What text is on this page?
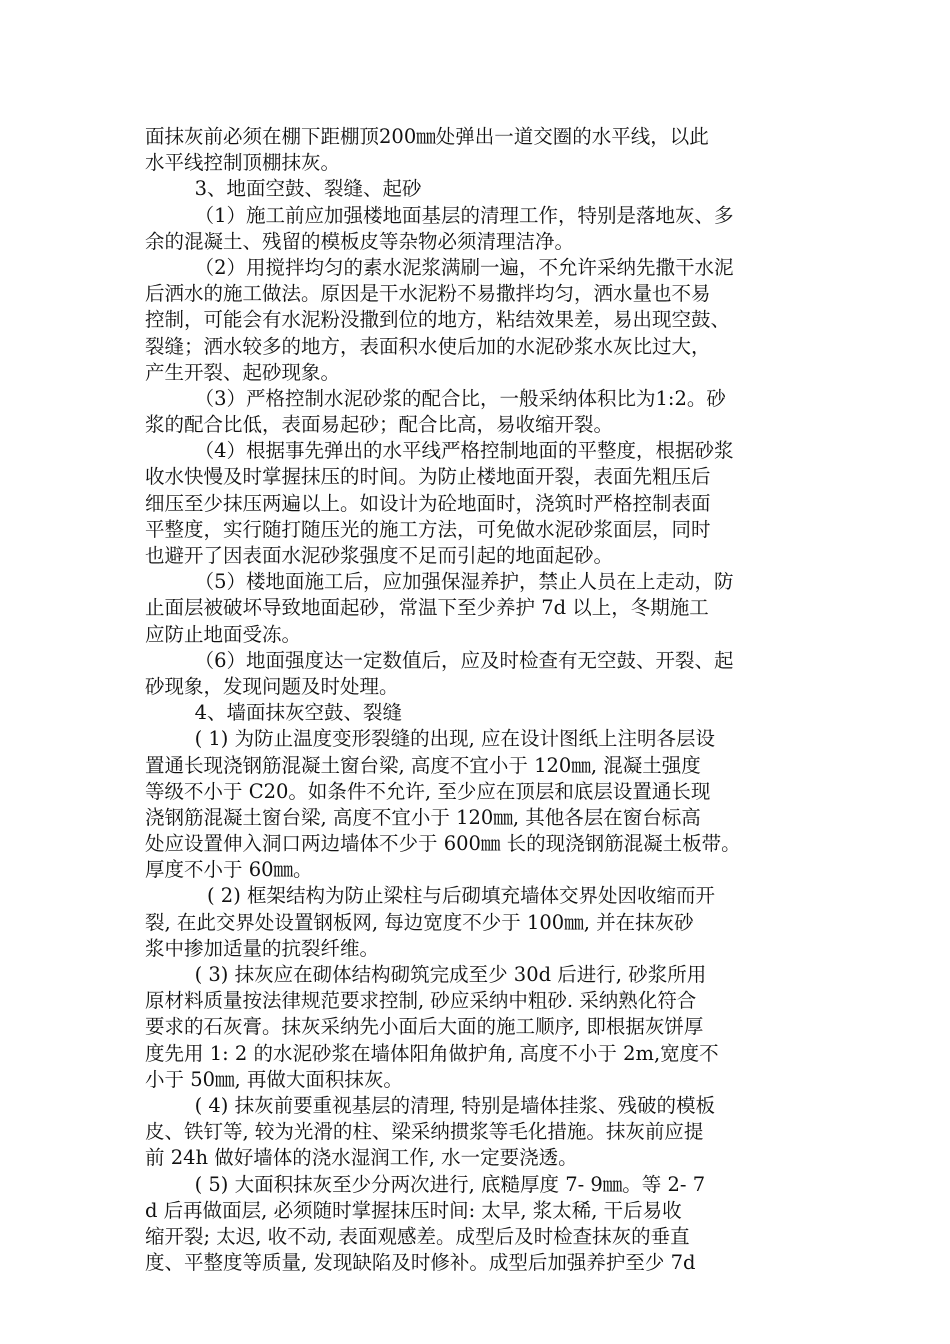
面抹灰前必须在棚下距棚顶200㎜处弹出一道交圈的水平线，以此
水平线控制顶棚抹灰。
3、地面空鼓、裂缝、起砂
（1）施工前应加强楼地面基层的清理工作，特别是落地灰、多
余的混凝土、残留的模板皮等杂物必须清理洁净。
（2）用搅拌均匀的素水泥浆满刷一遍，不允许采纳先撒干水泥
后洒水的施工做法。原因是干水泥粉不易撒拌均匀，洒水量也不易
控制，可能会有水泥粉没撒到位的地方，粘结效果差，易出现空鼓、
裂缝；洒水较多的地方，表面积水使后加的水泥砂浆水灰比过大，
产生开裂、起砂现象。
（3）严格控制水泥砂浆的配合比，一般采纳体积比为1:2。砂
浆的配合比低，表面易起砂；配合比高，易收缩开裂。
（4）根据事先弹出的水平线严格控制地面的平整度，根据砂浆
收水快慢及时掌握抹压的时间。为防止楼地面开裂，表面先粗压后
细压至少抹压两遍以上。如设计为砼地面时，浇筑时严格控制表面
平整度，实行随打随压光的施工方法，可免做水泥砂浆面层，同时
也避开了因表面水泥砂浆强度不足而引起的地面起砂。
（5）楼地面施工后，应加强保湿养护，禁止人员在上走动，防
止面层被破坏导致地面起砂，常温下至少养护 7d 以上，冬期施工
应防止地面受冻。
（6）地面强度达一定数值后，应及时检查有无空鼓、开裂、起
砂现象，发现问题及时处理。
4、墙面抹灰空鼓、裂缝
( 1) 为防止温度变形裂缝的出现, 应在设计图纸上注明各层设
置通长现浇钢筋混凝土窗台梁, 高度不宜小于 120㎜, 混凝土强度
等级不小于 C20。如条件不允许, 至少应在顶层和底层设置通长现
浇钢筋混凝土窗台梁, 高度不宜小于 120㎜, 其他各层在窗台标高
处应设置伸入洞口两边墙体不少于 600㎜ 长的现浇钢筋混凝土板带。
厚度不小于 60㎜。
( 2) 框架结构为防止梁柱与后砌填充墙体交界处因收缩而开
裂, 在此交界处设置钢板网, 每边宽度不少于 100㎜, 并在抹灰砂
浆中掺加适量的抗裂纤维。
( 3) 抹灰应在砌体结构砌筑完成至少 30d 后进行, 砂浆所用
原材料质量按法律规范要求控制, 砂应采纳中粗砂. 采纳熟化符合
要求的石灰膏。抹灰采纳先小面后大面的施工顺序, 即根据灰饼厚
度先用 1: 2 的水泥砂浆在墙体阳角做护角, 高度不小于 2m,宽度不
小于 50㎜, 再做大面积抹灰。
( 4) 抹灰前要重视基层的清理, 特别是墙体挂浆、残破的模板
皮、铁钉等, 较为光滑的柱、梁采纳掼浆等毛化措施。抹灰前应提
前 24h 做好墙体的浇水湿润工作, 水一定要浇透。
( 5) 大面积抹灰至少分两次进行, 底糙厚度 7- 9㎜。等 2- 7
d 后再做面层, 必须随时掌握抹压时间: 太早, 浆太稀, 干后易收
缩开裂; 太迟, 收不动, 表面观感差。成型后及时检查抹灰的垂直
度、平整度等质量, 发现缺陷及时修补。成型后加强养护至少 7d
